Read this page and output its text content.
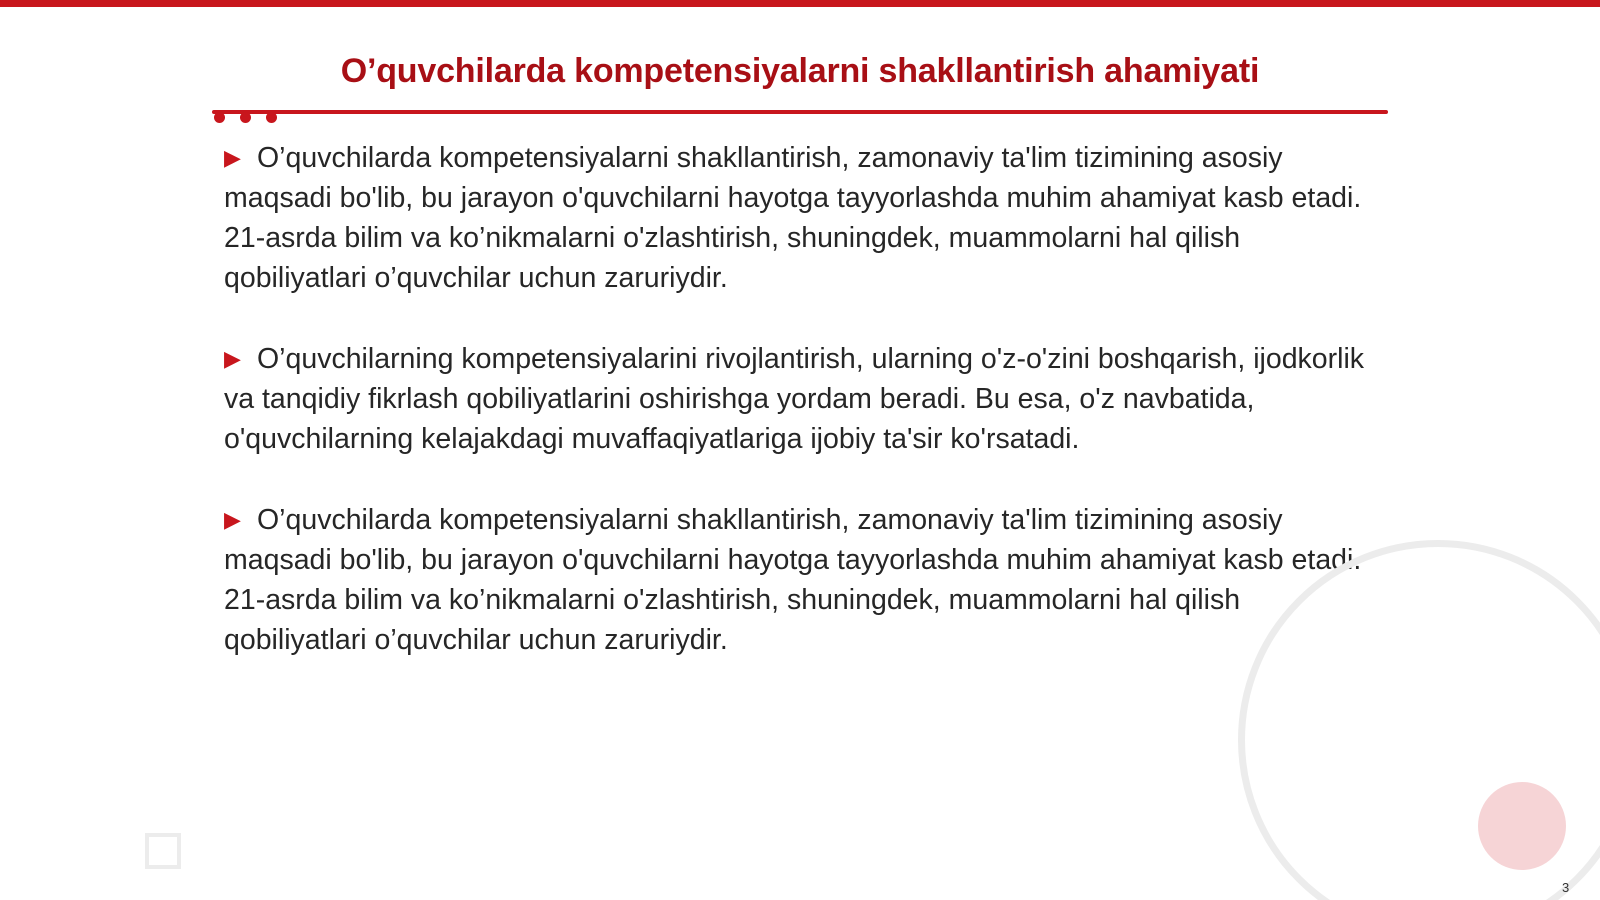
O’quvchilarda kompetensiyalarni shakllantirish ahamiyati

▶ O’quvchilarda kompetensiyalarni shakllantirish, zamonaviy ta'lim tizimining asosiy maqsadi bo'lib, bu jarayon o'quvchilarni hayotga tayyorlashda muhim ahamiyat kasb etadi. 21-asrda bilim va ko’nikmalarni o'zlashtirish, shuningdek, muammolarni hal qilish qobiliyatlari o’quvchilar uchun zaruriydir.

▶ O’quvchilarning kompetensiyalarini rivojlantirish, ularning o'z-o'zini boshqarish, ijodkorlik va tanqidiy fikrlash qobiliyatlarini oshirishga yordam beradi. Bu esa, o'z navbatida, o'quvchilarning kelajakdagi muvaffaqiyatlariga ijobiy ta'sir ko'rsatadi.

▶ O’quvchilarda kompetensiyalarni shakllantirish, zamonaviy ta'lim tizimining asosiy maqsadi bo'lib, bu jarayon o'quvchilarni hayotga tayyorlashda muhim ahamiyat kasb etadi. 21-asrda bilim va ko’nikmalarni o'zlashtirish, shuningdek, muammolarni hal qilish qobiliyatlari o’quvchilar uchun zaruriydir.

3
